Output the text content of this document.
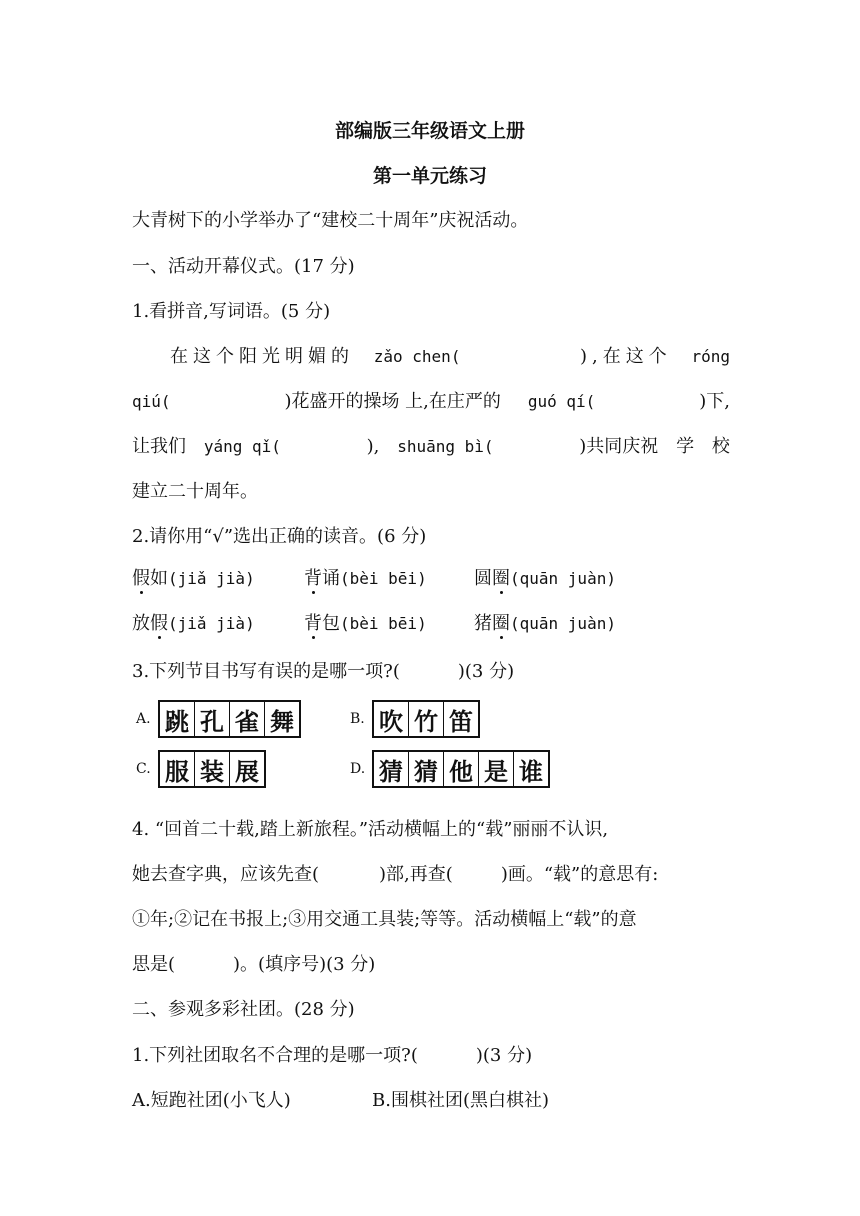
部编版三年级语文上册
第一单元练习
大青树下的小学举办了“建校二十周年”庆祝活动。
一、活动开幕仪式。(17 分)
1.看拼音,写词语。(5 分)
在这个阳光明媚的 zǎo chen(	),在这个 róng
qiú(	)花盛开的操场 上,在庄严的 guó qí(	)下,
让我们 yáng qǐ(	), shuāng bì(	)共同庆祝 学 校
建立二十周年。
2.请你用“√”选出正确的读音。(6 分)
假如(jiǎ jià)	背诵(bèi bēi)	圆圈(quān juàn)
放假(jiǎ jià)	背包(bèi bēi)	猪圈(quān juàn)
3.下列节目书写有误的是哪一项?(	)(3 分)
A. 跳 孔 雀 舞	B. 吹 竹 笛
C. 服 装 展	D. 猜 猜 他 是 谁
4. “回首二十载,踏上新旅程。”活动横幅上的“载”丽丽不认识,
她去查字典，应该先查(	)部,再查(	)画。“载”的意思有:
①年;②记在书报上;③用交通工具装;等等。活动横幅上“载”的意
思是(	)。(填序号)(3 分)
二、参观多彩社团。(28 分)
1.下列社团取名不合理的是哪一项?(	)(3 分)
A.短跑社团(小飞人)	B.围棋社团(黑白棋社)
